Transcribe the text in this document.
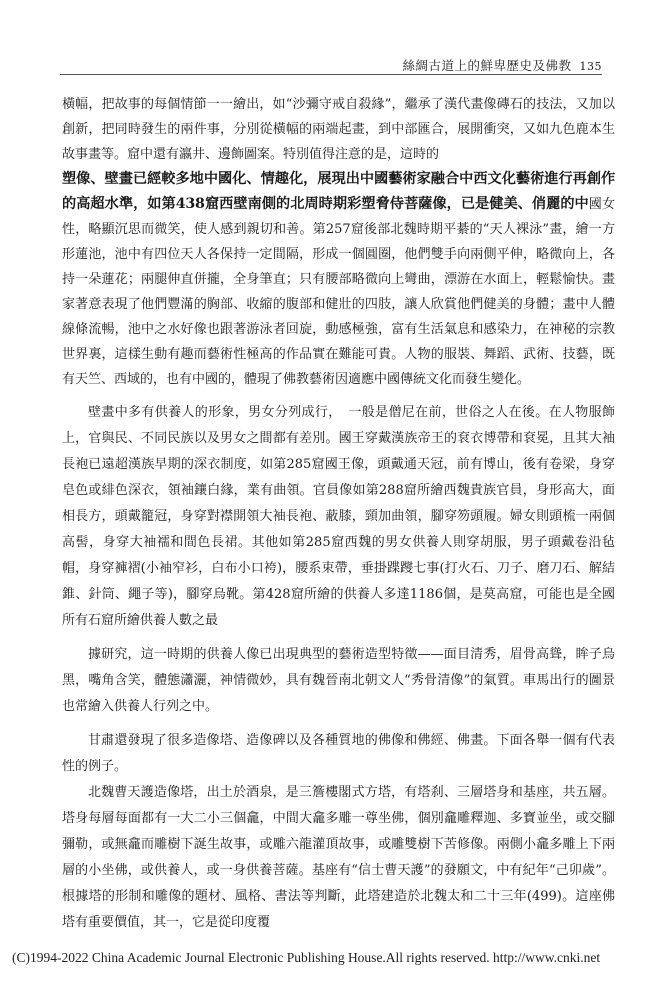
絲綢古道上的鮮卑歷史及佛教 135

橫幅，把故事的每個情節一一繪出，如“沙彌守戒自殺緣”，繼承了漢代畫像磚石的技法，又加以創新，把同時發生的兩件事，分別從橫幅的兩端起畫，到中部匯合，展開衝突，又如九色鹿本生故事畫等。窟中還有瀛井、邊飾圖案。特別值得注意的是，這時的

塑像、壁畫已經較多地中國化、情趣化，展現出中國藝術家融合中西文化藝術進行再創作的高超水準，如第438窟西壁南側的北周時期彩塑脅侍菩薩像，已是健美、俏麗的中國女性，略顯沉思而微笑，使人感到親切和善。第257窟後部北魏時期平綦的“天人裸泳”畫，繪一方形蓮池，池中有四位天人各保持一定間隔，形成一個圓圈，他們雙手向兩側平伸，略微向上，各持一朵蓮花；兩腿伸直併攏，全身筆直；只有腰部略微向上彎曲，漂游在水面上，輕鬆愉快。畫家著意表現了他們豐滿的胸部、收縮的腹部和健壯的四肢，讓人欣賞他們健美的身體；畫中人體線條流暢，池中之水好像也跟著游泳者回旋，動感極強，富有生活氣息和感染力，在神秘的宗教世界裏，這樣生動有趣而藝術性極高的作品實在難能可貴。人物的服裝、舞蹈、武術、技藝，既有天竺、西域的，也有中國的，體現了佛教藝術因適應中國傳統文化而發生變化。

壁畫中多有供養人的形象，男女分列成行，　一般是僧尼在前，世俗之人在後。在人物服飾上，官與民、不同民族以及男女之間都有差別。國王穿戴漢族帝王的袞衣博帶和袞冕，且其大袖長袍已遠超漢族早期的深衣制度，如第285窟國王像，頭戴通天冠，前有博山，後有卷梁，身穿皂色或緋色深衣，領袖鑲白緣，業有曲領。官員像如第288窟所繪西魏貴族官員，身形高大，面相長方，頭戴籠冠，身穿對襟開領大袖長袍、蔽膝，頸加曲領，腳穿笏頭履。婦女則頭梳一兩個高髻，身穿大袖襦和間色長裙。其他如第285窟西魏的男女供養人則穿胡服，男子頭戴卷沿毡帽，身穿褲褶(小袖窄衫，白布小口袴)，腰系束帶，垂掛蹀躞七事(打火石、刀子、磨刀石、解結錐、針筒、繩子等)，腳穿烏靴。第428窟所繪的供養人多達1186個，是莫高窟，可能也是全國所有石窟所繪供養人數之最

據研究，這一時期的供養人像已出現典型的藝術造型特徵——面目清秀，眉骨高聳，眸子烏黑，嘴角含笑，體態瀟灑，神情微妙，具有魏晉南北朝文人“秀骨清像”的氣質。車馬出行的圖景也常繪入供養人行列之中。

甘肅還發現了很多造像塔、造像碑以及各種質地的佛像和佛經、佛畫。下面各舉一個有代表性的例子。

北魏曹天護造像塔，出土於酒泉，是三簷樓閣式方塔，有塔刹、三層塔身和基座，共五層。塔身每層每面都有一大二小三個龕，中間大龕多雕一尊坐佛，個別龕雕釋迦、多寶並坐，或交腳彌勒，或無龕而雕樹下誕生故事，或雕六龍灌頂故事，或雕雙樹下苦修像。兩側小龕多雕上下兩層的小坐佛，或供養人，或一身供養菩薩。基座有“信士曹天護”的發願文，中有紀年“己卯歲”。根據塔的形制和雕像的題材、風格、書法等判斷，此塔建造於北魏太和二十三年(499)。這座佛塔有重要價值，其一，它是從印度覆

(C)1994-2022 China Academic Journal Electronic Publishing House.All rights reserved. http://www.cnki.net
